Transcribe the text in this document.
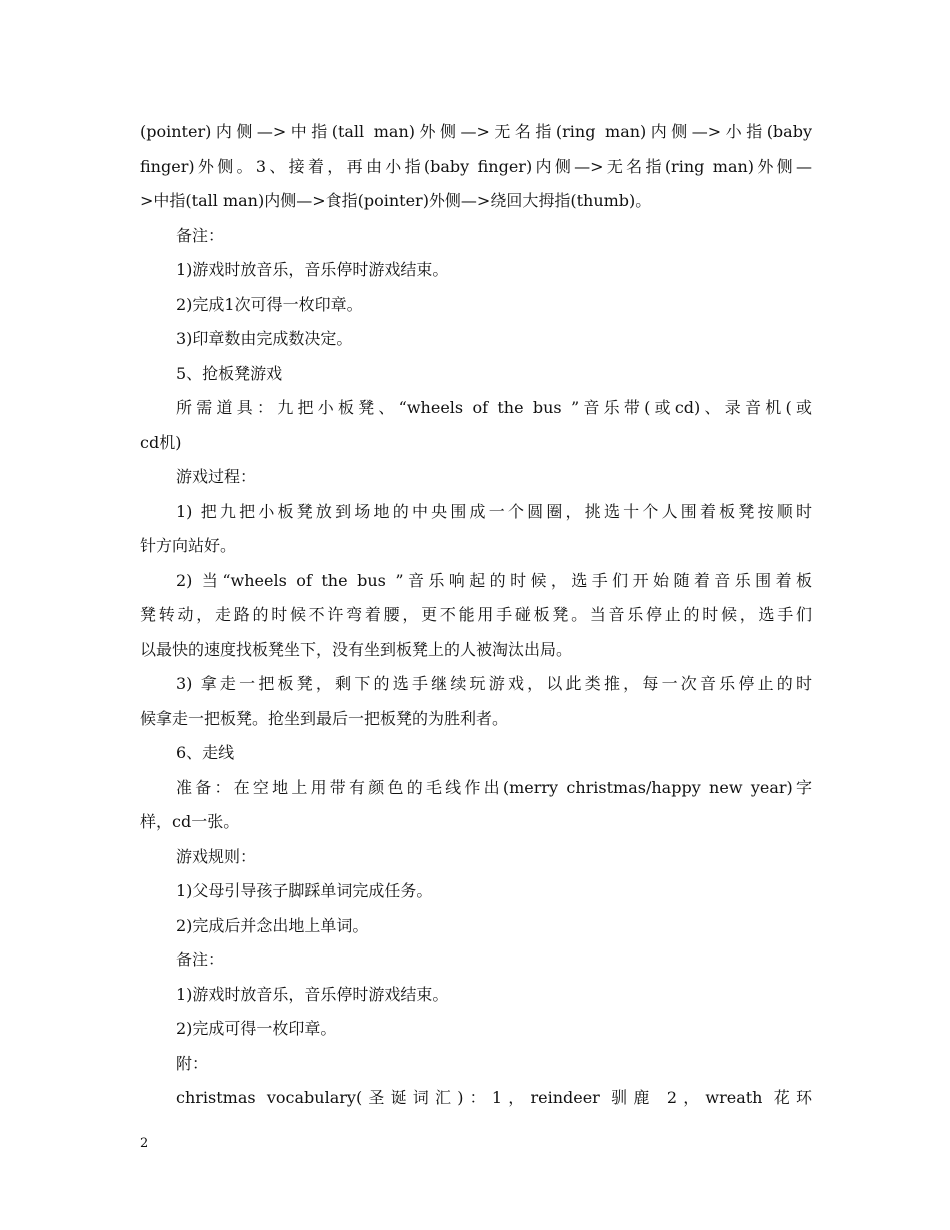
(pointer)内侧—>中指(tall man)外侧—>无名指(ring man)内侧—>小指(baby
finger)外侧。3、接着，再由小指(baby finger)内侧—>无名指(ring man)外侧—
>中指(tall man)内侧—>食指(pointer)外侧—>绕回大拇指(thumb)。
备注：
1)游戏时放音乐，音乐停时游戏结束。
2)完成1次可得一枚印章。
3)印章数由完成数决定。
5、抢板凳游戏
所需道具：九把小板凳、“wheels of the bus ”音乐带(或cd)、录音机(或
cd机)
游戏过程：
1) 把九把小板凳放到场地的中央围成一个圆圈，挑选十个人围着板凳按顺时
针方向站好。
2) 当“wheels of the bus ”音乐响起的时候，选手们开始随着音乐围着板
凳转动，走路的时候不许弯着腰，更不能用手碰板凳。当音乐停止的时候，选手们
以最快的速度找板凳坐下，没有坐到板凳上的人被淘汰出局。
3) 拿走一把板凳，剩下的选手继续玩游戏，以此类推，每一次音乐停止的时
候拿走一把板凳。抢坐到最后一把板凳的为胜利者。
6、走线
准备：在空地上用带有颜色的毛线作出(merry christmas/happy new year)字
样，cd一张。
游戏规则：
1)父母引导孩子脚踩单词完成任务。
2)完成后并念出地上单词。
备注：
1)游戏时放音乐，音乐停时游戏结束。
2)完成可得一枚印章。
附：
christmas vocabulary(圣诞词汇)：1，reindeer 驯鹿 2，wreath 花环
2
